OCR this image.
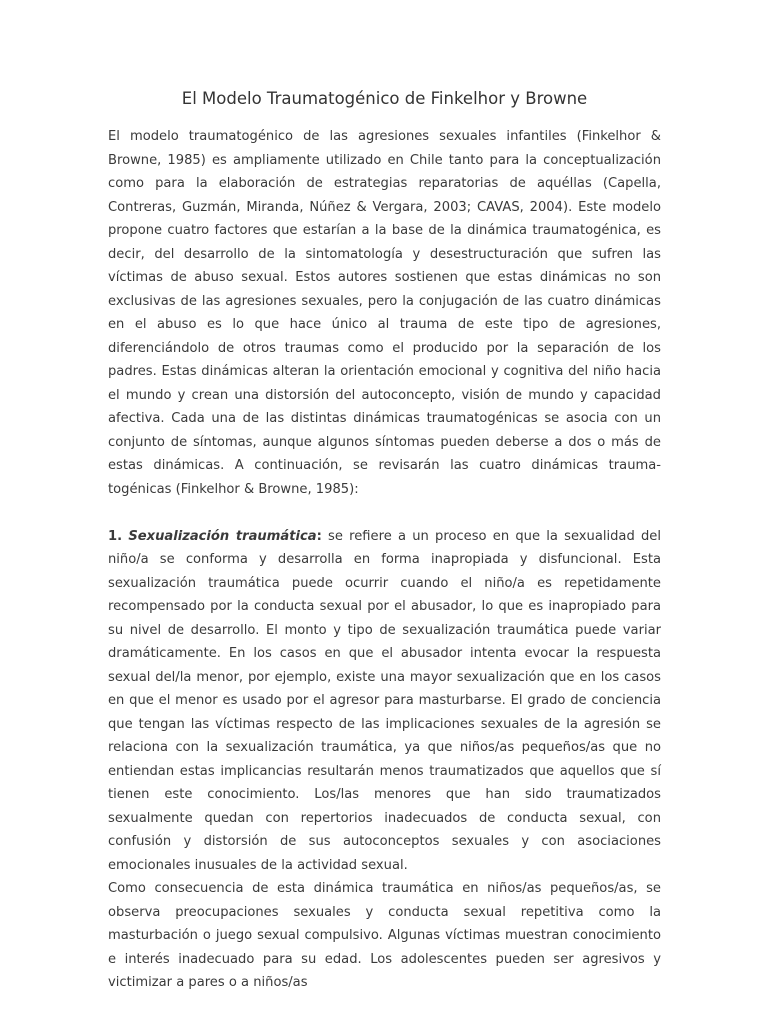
El Modelo Traumatogénico de Finkelhor y Browne

El modelo traumatogénico de las agresiones sexuales infantiles (Finkelhor & Browne, 1985) es ampliamente utilizado en Chile tanto para la conceptualización como para la elaboración de estrategias reparatorias de aquéllas (Capella, Contreras, Guzmán, Miranda, Núñez & Vergara, 2003; CAVAS, 2004). Este modelo propone cuatro factores que estarían a la base de la dinámica traumatogénica, es decir, del desarrollo de la sintomatología y desestructuración que sufren las víctimas de abuso sexual. Estos autores sostienen que estas dinámicas no son exclusivas de las agresiones sexuales, pero la conjugación de las cuatro dinámicas en el abuso es lo que hace único al trauma de este tipo de agresiones, diferenciándolo de otros traumas como el producido por la separación de los padres. Estas dinámicas alteran la orientación emocional y cognitiva del niño hacia el mundo y crean una distorsión del autoconcepto, visión de mundo y capacidad afectiva. Cada una de las distintas dinámicas traumatogénicas se asocia con un conjunto de síntomas, aunque algunos síntomas pueden deberse a dos o más de estas dinámicas. A continuación, se revisarán las cuatro dinámicas trauma-togénicas (Finkelhor & Browne, 1985):

1. Sexualización traumática: se refiere a un proceso en que la sexualidad del niño/a se conforma y desarrolla en forma inapropiada y disfuncional. Esta sexualización traumática puede ocurrir cuando el niño/a es repetidamente recompensado por la conducta sexual por el abusador, lo que es inapropiado para su nivel de desarrollo. El monto y tipo de sexualización traumática puede variar dramáticamente. En los casos en que el abusador intenta evocar la respuesta sexual del/la menor, por ejemplo, existe una mayor sexualización que en los casos en que el menor es usado por el agresor para masturbarse. El grado de conciencia que tengan las víctimas respecto de las implicaciones sexuales de la agresión se relaciona con la sexualización traumática, ya que niños/as pequeños/as que no entiendan estas implicancias resultarán menos traumatizados que aquellos que sí tienen este conocimiento. Los/las menores que han sido traumatizados sexualmente quedan con repertorios inadecuados de conducta sexual, con confusión y distorsión de sus autoconceptos sexuales y con asociaciones emocionales inusuales de la actividad sexual.

Como consecuencia de esta dinámica traumática en niños/as pequeños/as, se observa preocupaciones sexuales y conducta sexual repetitiva como la masturbación o juego sexual compulsivo. Algunas víctimas muestran conocimiento e interés inadecuado para su edad. Los adolescentes pueden ser agresivos y victimizar a pares o a niños/as
